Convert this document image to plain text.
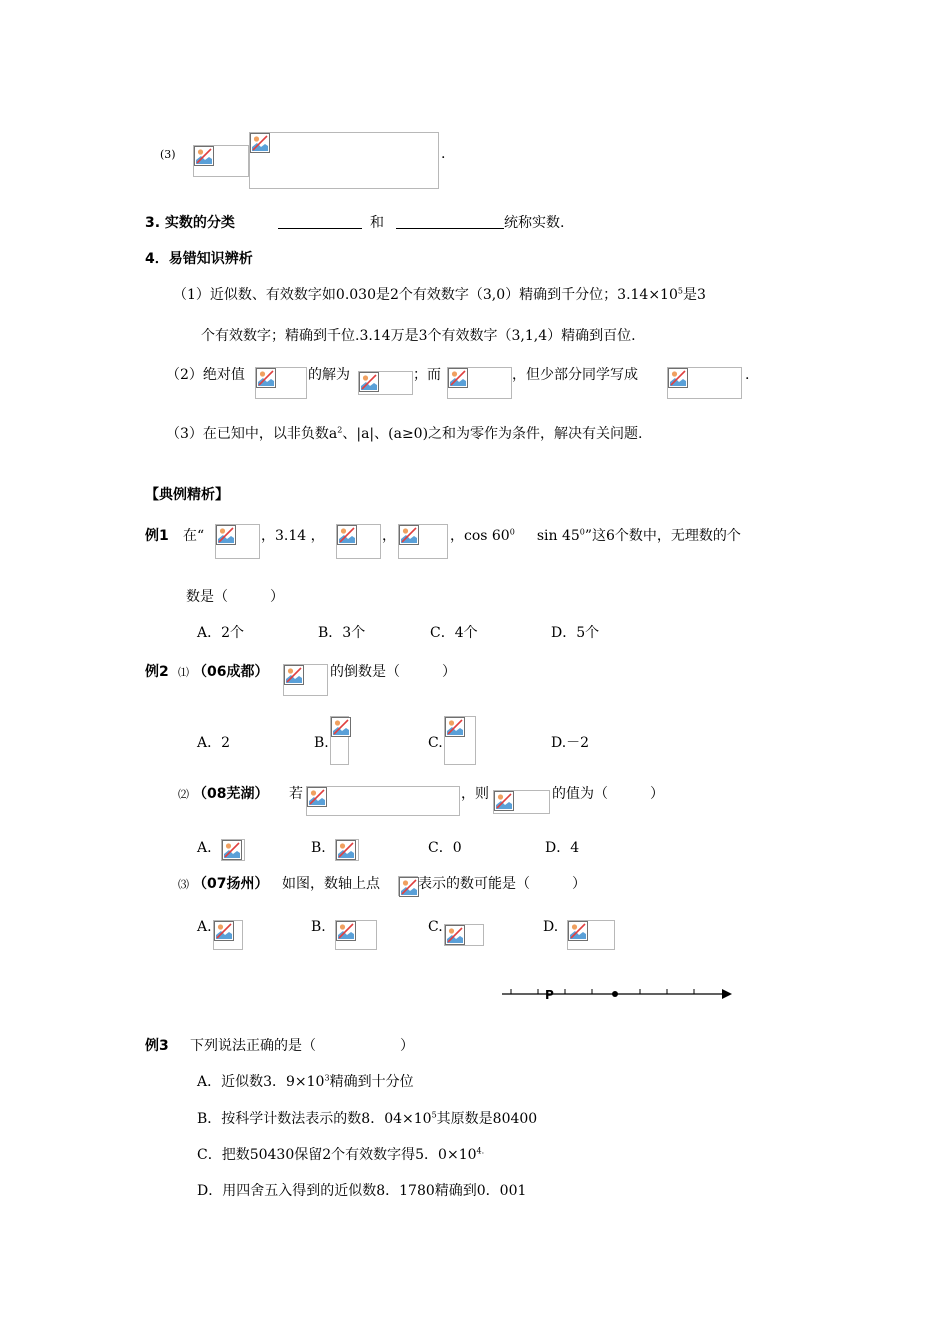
(3)	.
3. 实数的分类	和	统称实数.
4．易错知识辨析
（1）近似数、有效数字如0.030是2个有效数字（3,0）精确到千分位；$3.14\times 10^5$是3
个有效数字；精确到千位.3.14万是3个有效数字（3,1,4）精确到百位.
（2）绝对值	的解为	；而	，但少部分同学写成	.
（3）在已知中，以非负数$a^2$、|a|、(a≥0)之和为零作为条件，解决有关问题.
【典例精析】
例1 在“	，3.14 ，	，	，$\cos 60^0$ $\sin 45^0$”这6个数中，无理数的个
数是（　　　）
A．2个	B．3个	C．4个	D．5个
例2 ⑴ （06成都）	的倒数是（　　　）
A．2	B.	C.	D.－2
⑵ （08芜湖） 若	，则	的值为（　　　）
A.	B.	C．0	D．4
⑶ （07扬州） 如图，数轴上点	表示的数可能是（　　　）
A.	B.	C.	D.
P
例3 下列说法正确的是（　　　　　　）
A．近似数3．$9\times 10^3$精确到十分位
B．按科学计数法表示的数8．$04\times 10^5$其原数是80400
C．把数50430保留2个有效数字得5．$0\times 10^{4.}$
D．用四舍五入得到的近似数8．1780精确到0．001
